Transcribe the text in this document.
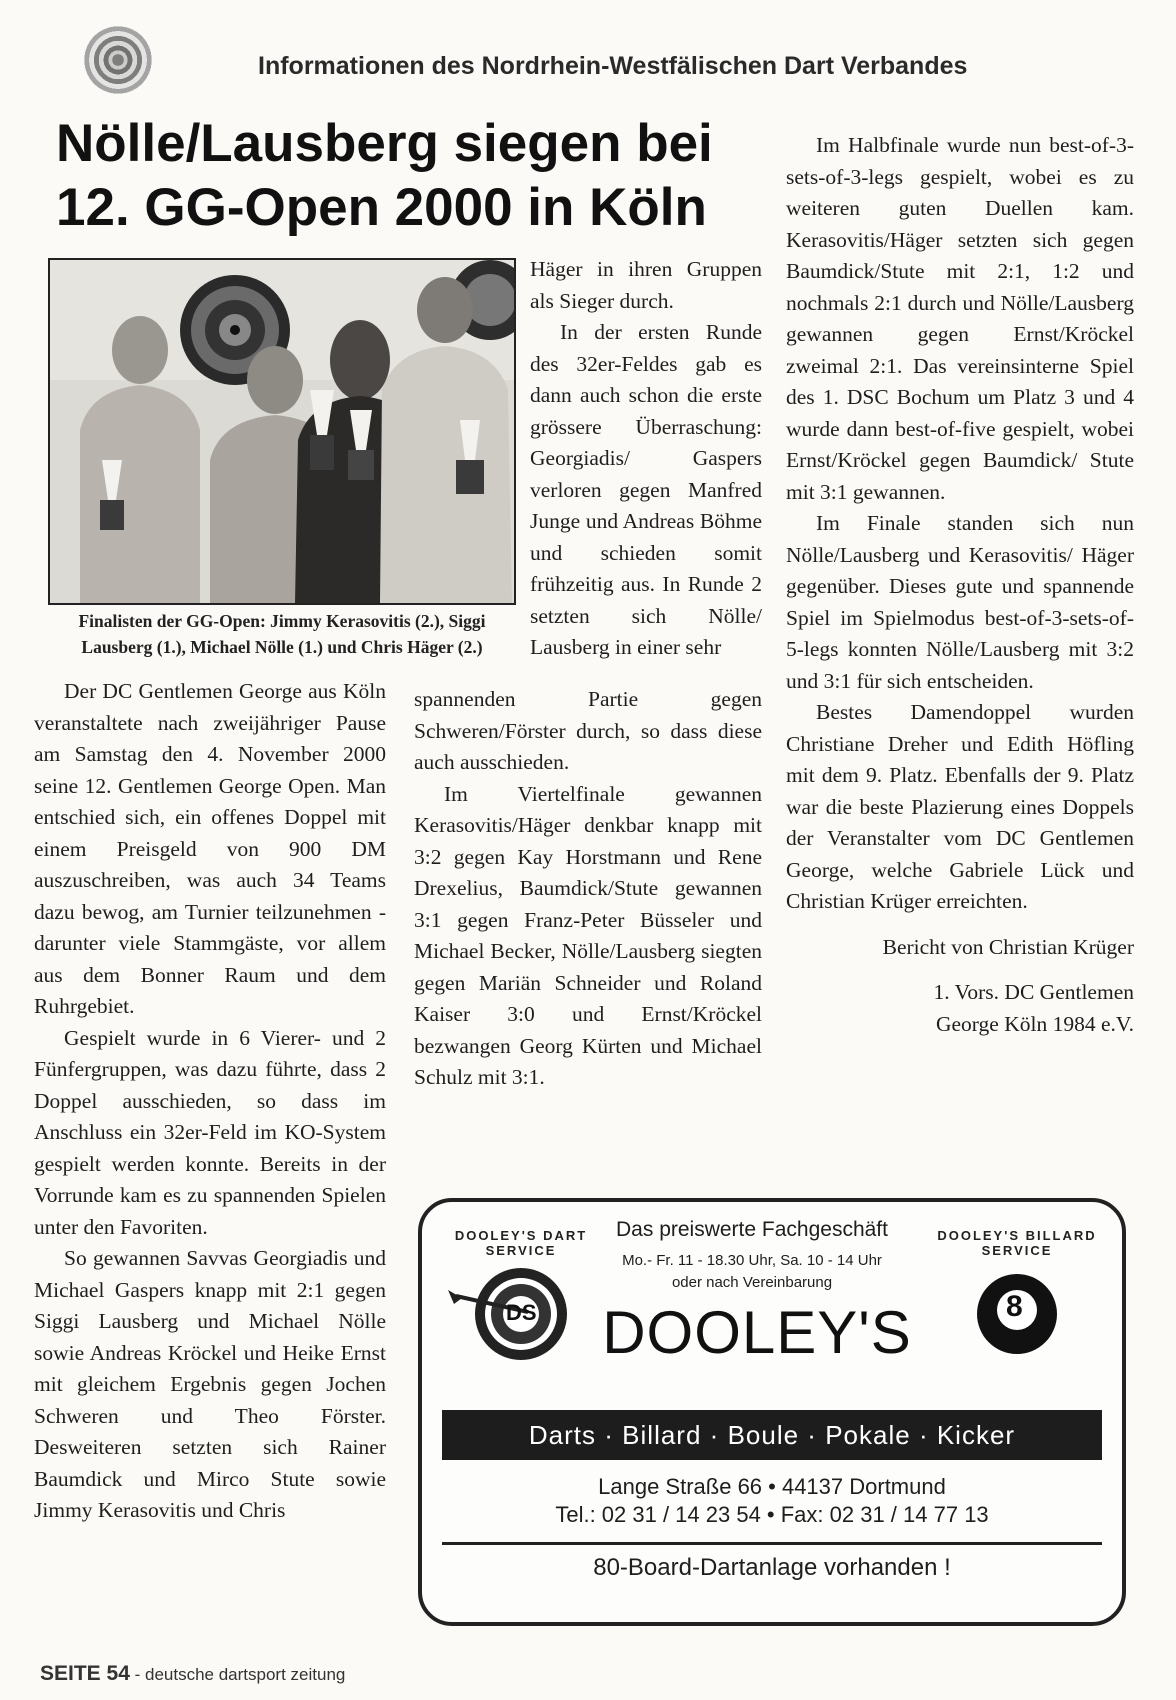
Informationen des Nordrhein-Westfälischen Dart Verbandes
Nölle/Lausberg siegen bei
12. GG-Open 2000 in Köln
Finalisten der GG-Open: Jimmy Kerasovitis (2.), Siggi
Lausberg (1.), Michael Nölle (1.) und Chris Häger (2.)

Der DC Gentlemen George aus Köln veranstaltete nach zweijähriger Pause am Samstag den 4. November 2000 seine 12. Gentlemen George Open. Man entschied sich, ein offenes Doppel mit einem Preisgeld von 900 DM auszuschreiben, was auch 34 Teams dazu bewog, am Turnier teilzunehmen - darunter viele Stammgäste, vor allem aus dem Bonner Raum und dem Ruhrgebiet.

Gespielt wurde in 6 Vierer- und 2 Fünfergruppen, was dazu führte, dass 2 Doppel ausschieden, so dass im Anschluss ein 32er-Feld im KO-System gespielt werden konnte. Bereits in der Vorrunde kam es zu spannenden Spielen unter den Favoriten.

So gewannen Savvas Georgiadis und Michael Gaspers knapp mit 2:1 gegen Siggi Lausberg und Michael Nölle sowie Andreas Kröckel und Heike Ernst mit gleichem Ergebnis gegen Jochen Schweren und Theo Förster. Desweiteren setzten sich Rainer Baumdick und Mirco Stute sowie Jimmy Kerasovitis und Chris

Häger in ihren Gruppen als Sieger durch.

In der ersten Runde des 32er-Feldes gab es dann auch schon die erste grössere Überraschung: Georgiadis/ Gaspers verloren gegen Manfred Junge und Andreas Böhme und schieden somit frühzeitig aus. In Runde 2 setzten sich Nölle/ Lausberg in einer sehr

spannenden Partie gegen Schweren/Förster durch, so dass diese auch ausschieden.

Im Viertelfinale gewannen Kerasovitis/Häger denkbar knapp mit 3:2 gegen Kay Horstmann und Rene Drexelius, Baumdick/Stute gewannen 3:1 gegen Franz-Peter Büsseler und Michael Becker, Nölle/Lausberg siegten gegen Mariän Schneider und Roland Kaiser 3:0 und Ernst/Kröckel bezwangen Georg Kürten und Michael Schulz mit 3:1.

Im Halbfinale wurde nun best-of-3-sets-of-3-legs gespielt, wobei es zu weiteren guten Duellen kam. Kerasovitis/Häger setzten sich gegen Baumdick/Stute mit 2:1, 1:2 und nochmals 2:1 durch und Nölle/Lausberg gewannen gegen Ernst/Kröckel zweimal 2:1. Das vereinsinterne Spiel des 1. DSC Bochum um Platz 3 und 4 wurde dann best-of-five gespielt, wobei Ernst/Kröckel gegen Baumdick/ Stute mit 3:1 gewannen.

Im Finale standen sich nun Nölle/Lausberg und Kerasovitis/ Häger gegenüber. Dieses gute und spannende Spiel im Spielmodus best-of-3-sets-of-5-legs konnten Nölle/Lausberg mit 3:2 und 3:1 für sich entscheiden.

Bestes Damendoppel wurden Christiane Dreher und Edith Höfling mit dem 9. Platz. Ebenfalls der 9. Platz war die beste Plazierung eines Doppels der Veranstalter vom DC Gentlemen George, welche Gabriele Lück und Christian Krüger erreichten.

Bericht von Christian Krüger

1. Vors. DC Gentlemen

George Köln 1984 e.V.

DS
DOOLEY'S DART SERVICE
Das preiswerte Fachgeschäft
Mo.- Fr. 11 - 18.30 Uhr, Sa. 10 - 14 Uhr
oder nach Vereinbarung
DOOLEY'S	8
DOOLEY'S BILLARD SERVICE
Darts · Billard · Boule · Pokale · Kicker
Lange Straße 66 • 44137 Dortmund
Tel.: 02 31 / 14 23 54 • Fax: 02 31 / 14 77 13
80-Board-Dartanlage vorhanden !
SEITE 54 - deutsche dartsport zeitung
